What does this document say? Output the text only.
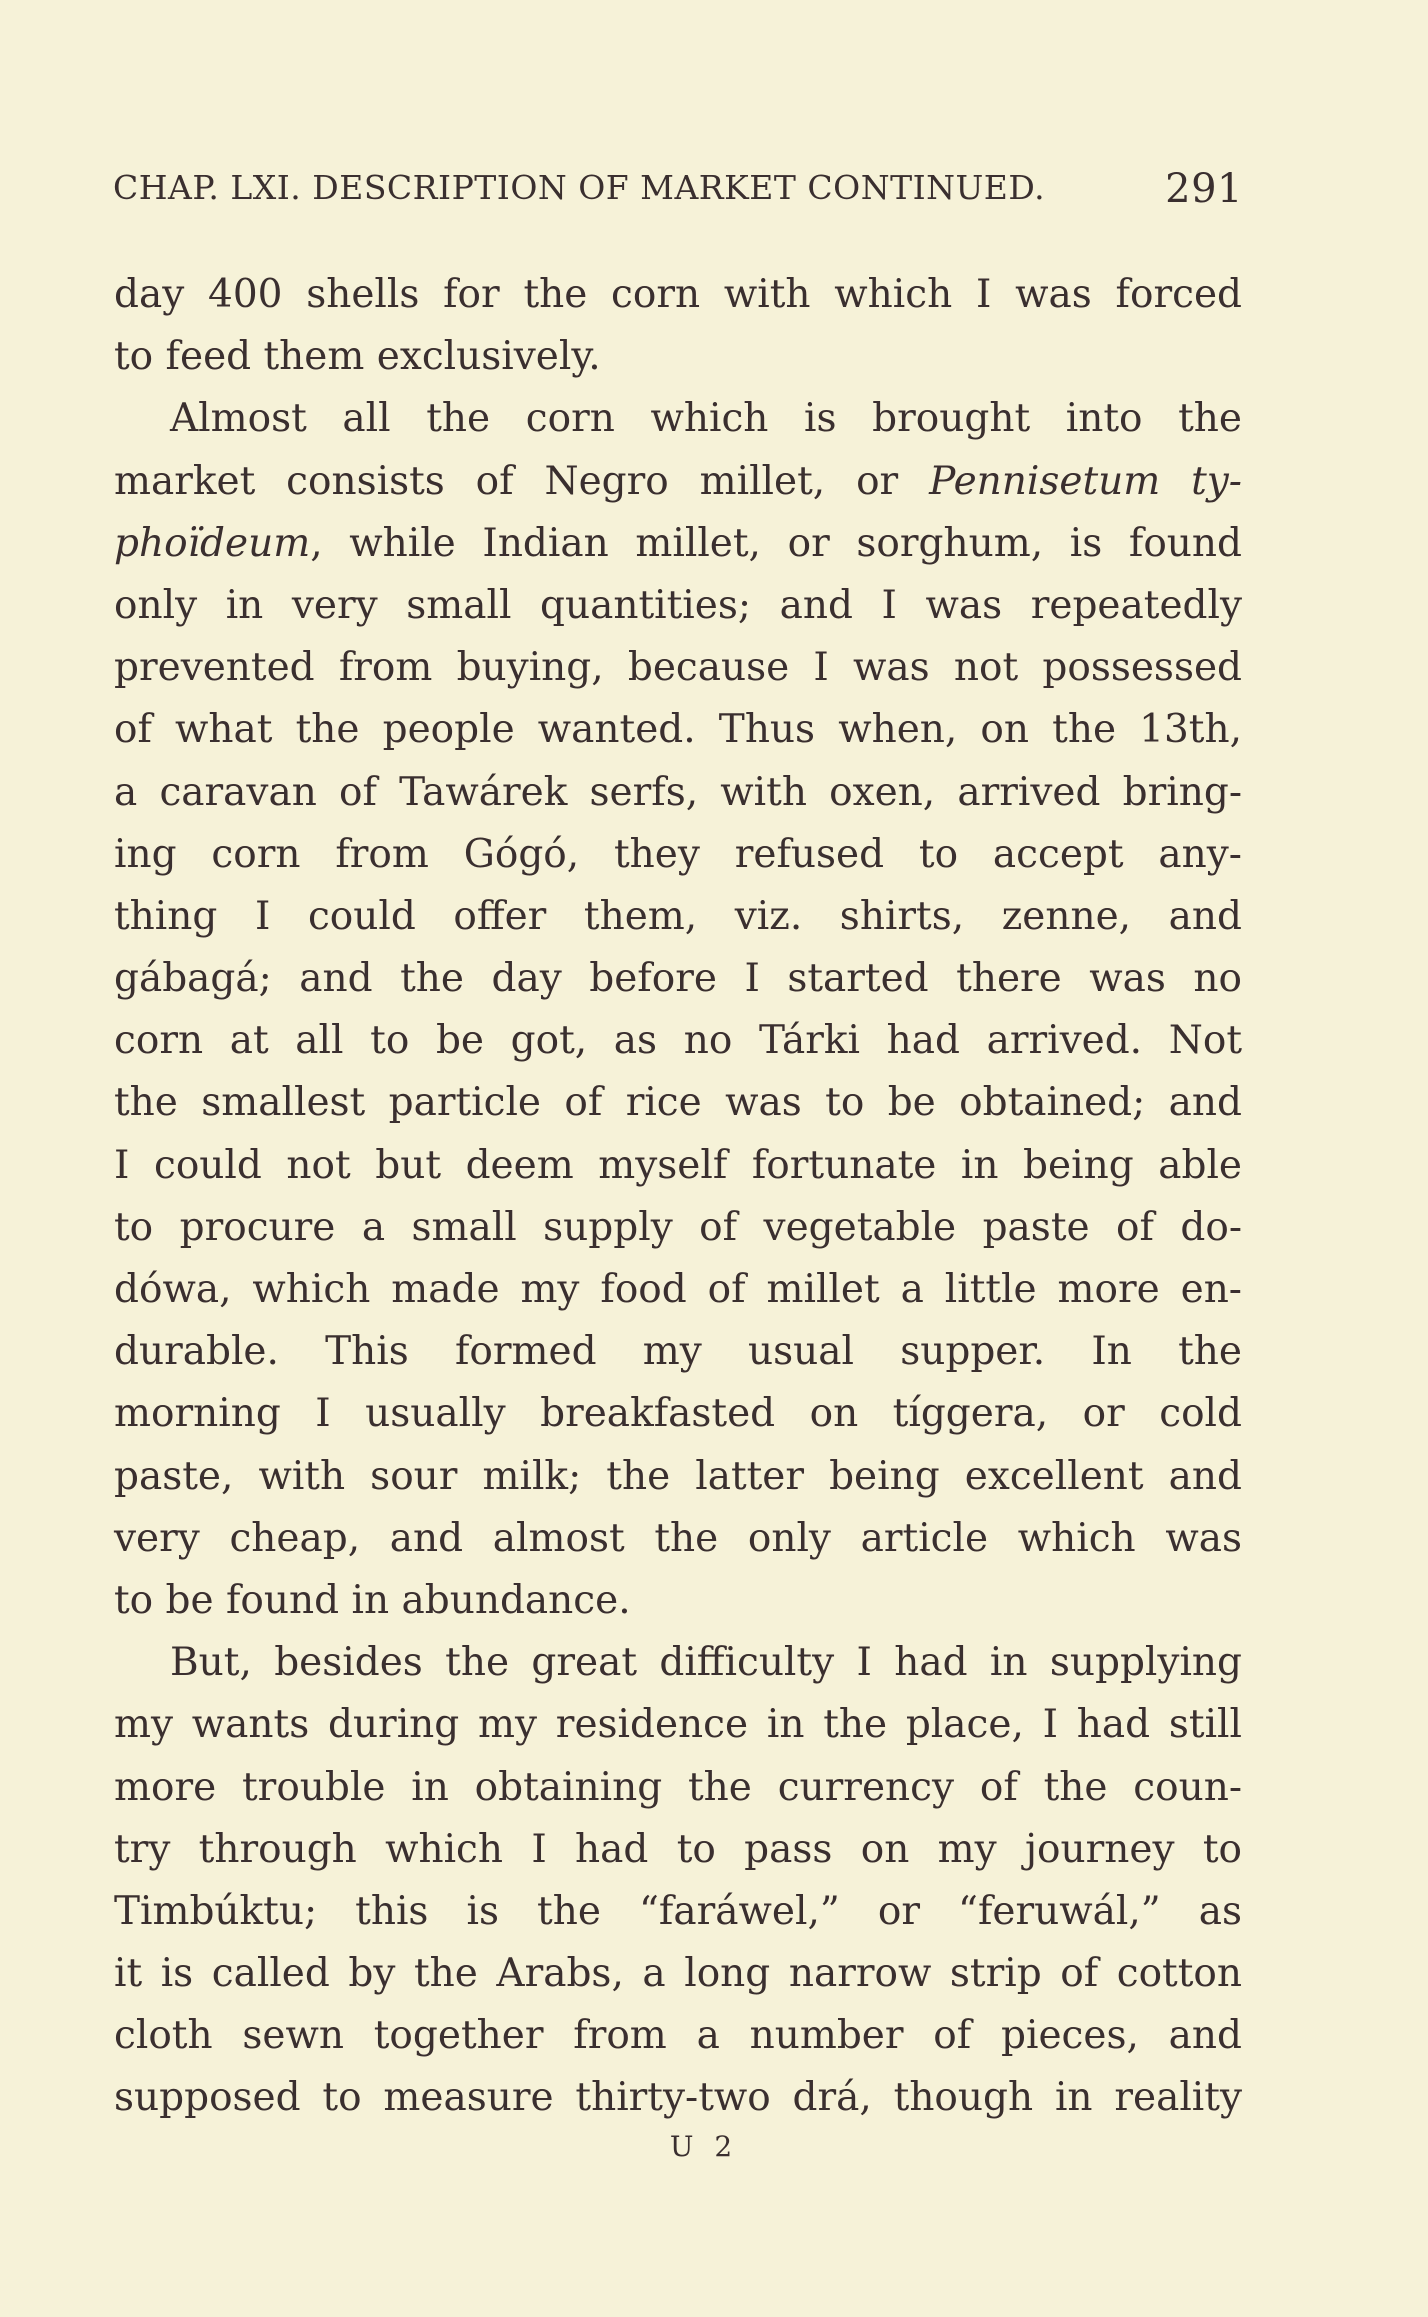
CHAP. LXI. DESCRIPTION OF MARKET CONTINUED.	291
day 400 shells for the corn with which I was forced
to feed them exclusively.
Almost all the corn which is brought into the
market consists of Negro millet, or Pennisetum ty-
phoïdeum, while Indian millet, or sorghum, is found
only in very small quantities; and I was repeatedly
prevented from buying, because I was not possessed
of what the people wanted. Thus when, on the 13th,
a caravan of Tawárek serfs, with oxen, arrived bring-
ing corn from Gógó, they refused to accept any-
thing I could offer them, viz. shirts, zenne, and
gábagá; and the day before I started there was no
corn at all to be got, as no Tárki had arrived. Not
the smallest particle of rice was to be obtained; and
I could not but deem myself fortunate in being able
to procure a small supply of vegetable paste of do-
dówa, which made my food of millet a little more en-
durable. This formed my usual supper. In the
morning I usually breakfasted on tíggera, or cold
paste, with sour milk; the latter being excellent and
very cheap, and almost the only article which was
to be found in abundance.
But, besides the great difficulty I had in supplying
my wants during my residence in the place, I had still
more trouble in obtaining the currency of the coun-
try through which I had to pass on my journey to
Timbúktu; this is the “faráwel,” or “feruwál,” as
it is called by the Arabs, a long narrow strip of cotton
cloth sewn together from a number of pieces, and
supposed to measure thirty-two drá, though in reality
U 2
